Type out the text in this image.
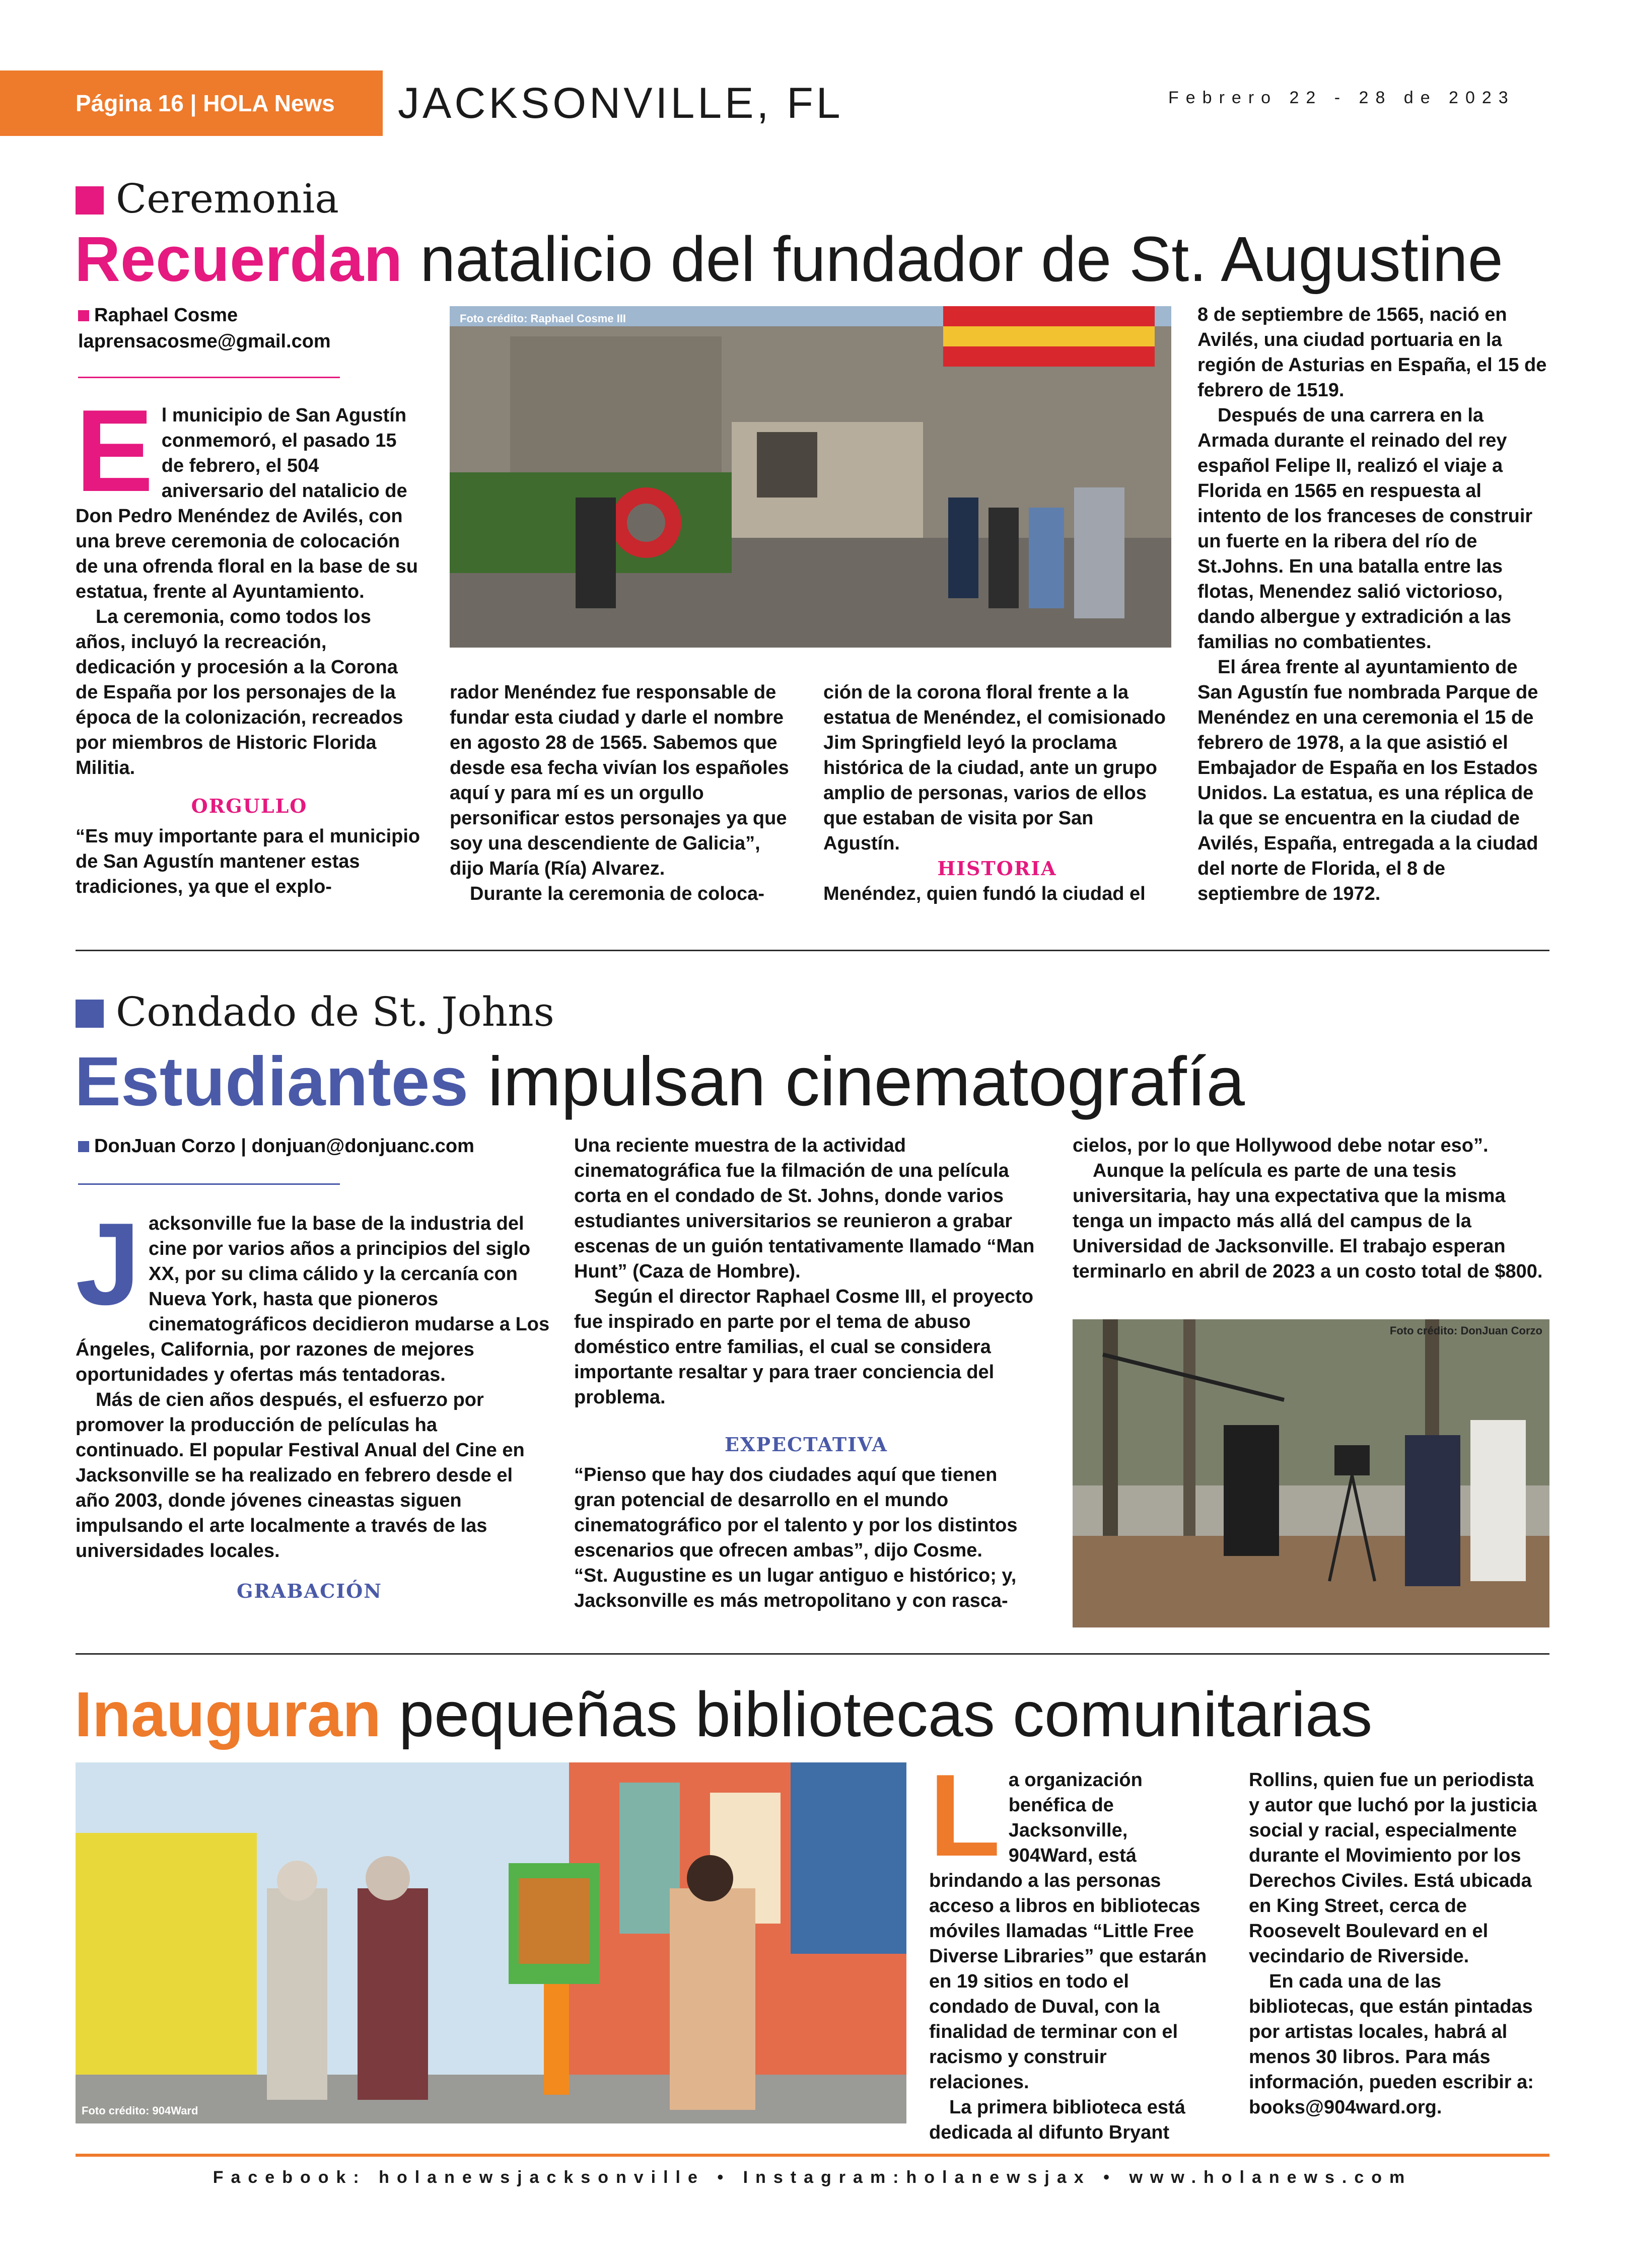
Página 16 | HOLA News	JACKSONVILLE, FL	Febrero 22 - 28 de 2023
Ceremonia
Recuerdan natalicio del fundador de St. Augustine
Raphael Cosme
laprensacosme@gmail.com
Foto crédito: Raphael Cosme III
E l municipio de San Agustín conmemoró, el pasado 15 de febrero, el 504 aniversario del natalicio de Don Pedro Menéndez de Avilés, con una breve ceremonia de colocación de una ofrenda floral en la base de su estatua, frente al Ayuntamiento.

La ceremonia, como todos los años, incluyó la recreación, dedicación y procesión a la Corona de España por los personajes de la época de la colonización, recreados por miembros de Historic Florida Militia.

ORGULLO

“Es muy importante para el municipio de San Agustín mantener estas tradiciones, ya que el explo-

rador Menéndez fue responsable de fundar esta ciudad y darle el nombre en agosto 28 de 1565. Sabemos que desde esa fecha vivían los españoles aquí y para mí es un orgullo personificar estos personajes ya que soy una descendiente de Galicia”, dijo María (Ría) Alvarez.

Durante la ceremonia de coloca-

ción de la corona floral frente a la estatua de Menéndez, el comisionado Jim Springfield leyó la proclama histórica de la ciudad, ante un grupo amplio de personas, varios de ellos que estaban de visita por San Agustín.

HISTORIA

Menéndez, quien fundó la ciudad el

8 de septiembre de 1565, nació en Avilés, una ciudad portuaria en la región de Asturias en España, el 15 de febrero de 1519.

Después de una carrera en la Armada durante el reinado del rey español Felipe II, realizó el viaje a Florida en 1565 en respuesta al intento de los franceses de construir un fuerte en la ribera del río de St.Johns. En una batalla entre las flotas, Menendez salió victorioso, dando albergue y extradición a las familias no combatientes.

El área frente al ayuntamiento de San Agustín fue nombrada Parque de Menéndez en una ceremonia el 15 de febrero de 1978, a la que asistió el Embajador de España en los Estados Unidos. La estatua, es una réplica de la que se encuentra en la ciudad de Avilés, España, entregada a la ciudad del norte de Florida, el 8 de septiembre de 1972.

Condado de St. Johns
Estudiantes impulsan cinematografía
DonJuan Corzo | donjuan@donjuanc.com
J acksonville fue la base de la industria del cine por varios años a principios del siglo XX, por su clima cálido y la cercanía con Nueva York, hasta que pioneros cinematográficos decidieron mudarse a Los Ángeles, California, por razones de mejores oportunidades y ofertas más tentadoras.

Más de cien años después, el esfuerzo por promover la producción de películas ha continuado. El popular Festival Anual del Cine en Jacksonville se ha realizado en febrero desde el año 2003, donde jóvenes cineastas siguen impulsando el arte localmente a través de las universidades locales.

GRABACIÓN

Una reciente muestra de la actividad cinematográfica fue la filmación de una película corta en el condado de St. Johns, donde varios estudiantes universitarios se reunieron a grabar escenas de un guión tentativamente llamado “Man Hunt” (Caza de Hombre).

Según el director Raphael Cosme III, el proyecto fue inspirado en parte por el tema de abuso doméstico entre familias, el cual se considera importante resaltar y para traer conciencia del problema.

EXPECTATIVA

“Pienso que hay dos ciudades aquí que tienen gran potencial de desarrollo en el mundo cinematográfico por el talento y por los distintos escenarios que ofrecen ambas”, dijo Cosme.

“St. Augustine es un lugar antiguo e histórico; y, Jacksonville es más metropolitano y con rasca-

cielos, por lo que Hollywood debe notar eso”.

Aunque la película es parte de una tesis universitaria, hay una expectativa que la misma tenga un impacto más allá del campus de la Universidad de Jacksonville. El trabajo esperan terminarlo en abril de 2023 a un costo total de $800.

Foto crédito: DonJuan Corzo
Inauguran pequeñas bibliotecas comunitarias
Foto crédito: 904Ward
L a organización benéfica de Jacksonville, 904Ward, está brindando a las personas acceso a libros en bibliotecas móviles llamadas “Little Free Diverse Libraries” que estarán en 19 sitios en todo el condado de Duval, con la finalidad de terminar con el racismo y construir relaciones.

La primera biblioteca está dedicada al difunto Bryant

Rollins, quien fue un periodista y autor que luchó por la justicia social y racial, especialmente durante el Movimiento por los Derechos Civiles. Está ubicada en King Street, cerca de Roosevelt Boulevard en el vecindario de Riverside.

En cada una de las bibliotecas, que están pintadas por artistas locales, habrá al menos 30 libros. Para más información, pueden escribir a: books@904ward.org.

Facebook: holanewsjacksonville • Instagram:holanewsjax • www.holanews.com
